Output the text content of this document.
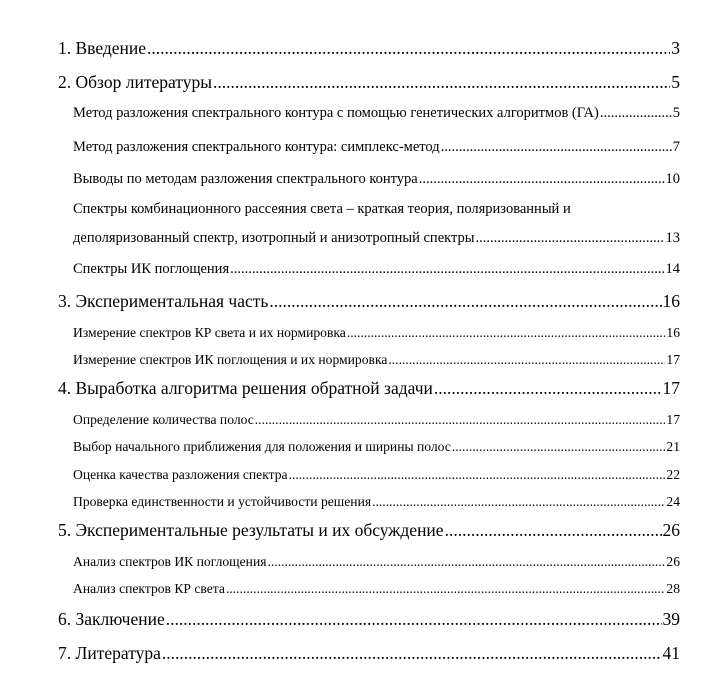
1. Введение .....	3
2. Обзор литературы .....	5
Метод разложения спектрального контура с помощью генетических алгоритмов (ГА) .....	5
Метод разложения спектрального контура: симплекс-метод .....	7
Выводы по методам разложения спектрального контура .....	10
Спектры комбинационного рассеяния света – краткая теория, поляризованный и
деполяризованный спектр, изотропный и анизотропный спектры .....	13
Спектры ИК поглощения .....	14
3. Экспериментальная часть .....	16
Измерение спектров КР света и их нормировка .....	16
Измерение спектров ИК поглощения и их нормировка .....	17
4. Выработка алгоритма решения обратной задачи .....	17
Определение количества полос .....	17
Выбор начального приближения для положения и ширины полос .....	21
Оценка качества разложения спектра .....	22
Проверка единственности и устойчивости решения .....	24
5. Экспериментальные результаты и их обсуждение .....	26
Анализ спектров ИК поглощения .....	26
Анализ спектров КР света .....	28
6. Заключение .....	39
7. Литература .....	41
